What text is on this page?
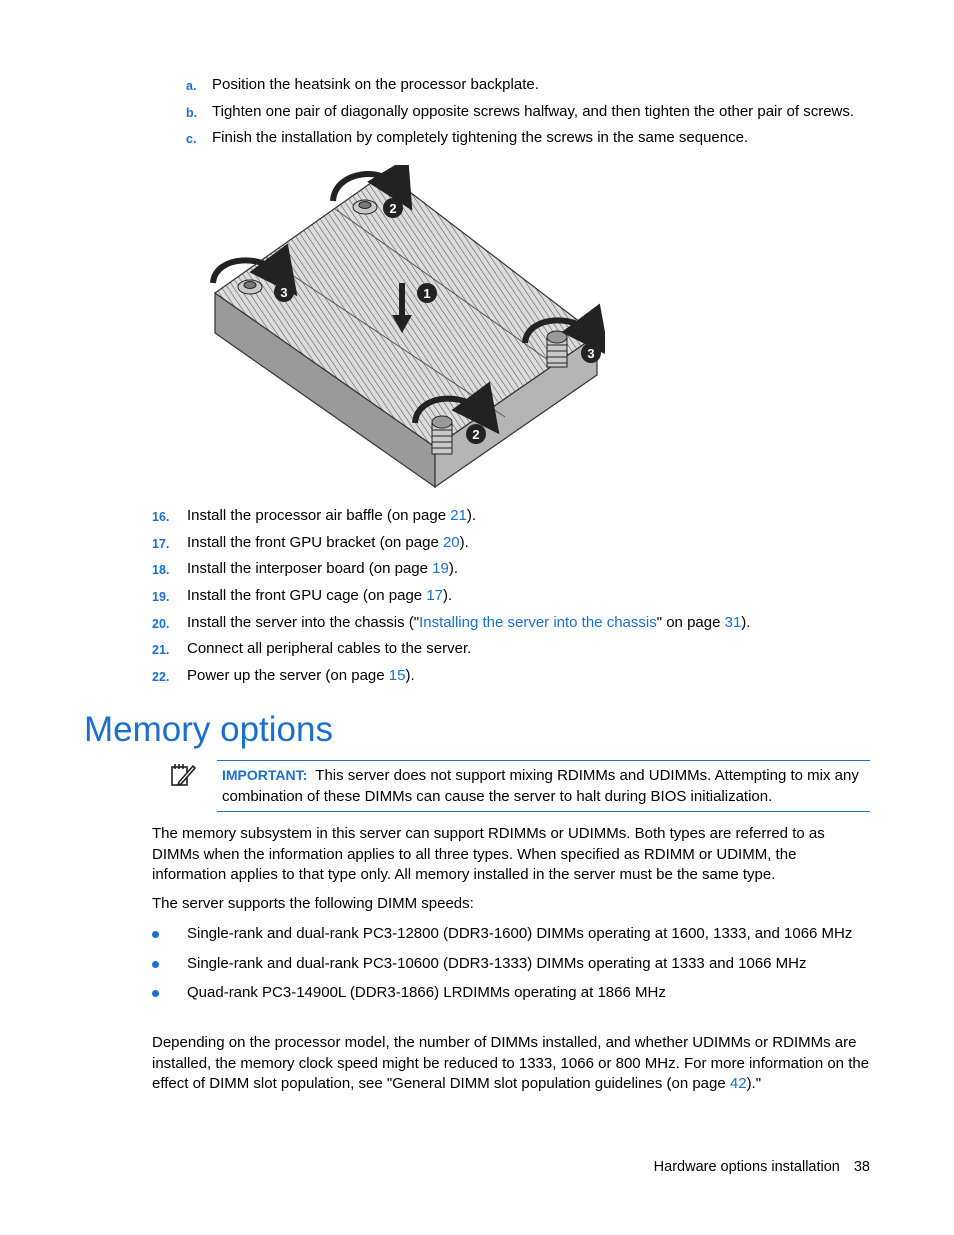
a. Position the heatsink on the processor backplate.
b. Tighten one pair of diagonally opposite screws halfway, and then tighten the other pair of screws.
c. Finish the installation by completely tightening the screws in the same sequence.
1
2
3
2
3
16. Install the processor air baffle (on page 21).
17. Install the front GPU bracket (on page 20).
18. Install the interposer board (on page 19).
19. Install the front GPU cage (on page 17).
20. Install the server into the chassis ("Installing the server into the chassis" on page 31).
21. Connect all peripheral cables to the server.
22. Power up the server (on page 15).
Memory options
IMPORTANT: This server does not support mixing RDIMMs and UDIMMs. Attempting to mix any combination of these DIMMs can cause the server to halt during BIOS initialization.

The memory subsystem in this server can support RDIMMs or UDIMMs. Both types are referred to as DIMMs when the information applies to all three types. When specified as RDIMM or UDIMM, the information applies to that type only. All memory installed in the server must be the same type.

The server supports the following DIMM speeds:

Single-rank and dual-rank PC3-12800 (DDR3-1600) DIMMs operating at 1600, 1333, and 1066 MHz
Single-rank and dual-rank PC3-10600 (DDR3-1333) DIMMs operating at 1333 and 1066 MHz
Quad-rank PC3-14900L (DDR3-1866) LRDIMMs operating at 1866 MHz

Depending on the processor model, the number of DIMMs installed, and whether UDIMMs or RDIMMs are installed, the memory clock speed might be reduced to 1333, 1066 or 800 MHz. For more information on the effect of DIMM slot population, see "General DIMM slot population guidelines (on page 42)."

Hardware options installation 38
